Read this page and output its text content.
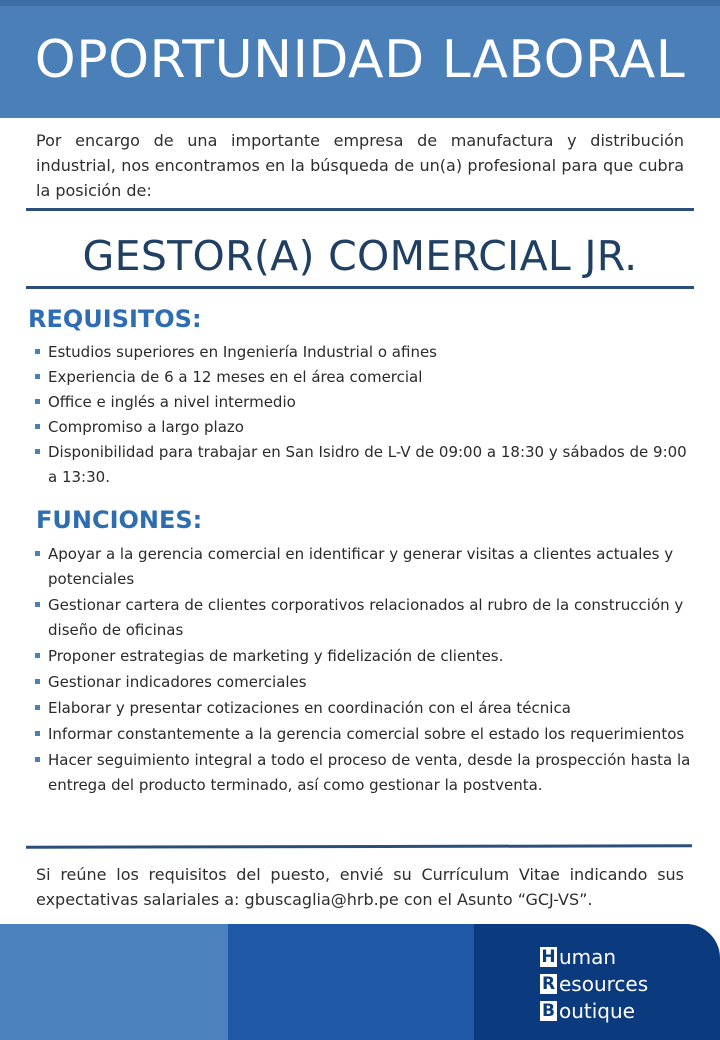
OPORTUNIDAD LABORAL
Por encargo de una importante empresa de manufactura y distribución industrial, nos encontramos en la búsqueda de un(a) profesional para que cubra la posición de:
GESTOR(A) COMERCIAL JR.
REQUISITOS:
Estudios superiores en Ingeniería Industrial o afines
Experiencia de 6 a 12 meses en el área comercial
Office e inglés a nivel intermedio
Compromiso a largo plazo
Disponibilidad para trabajar en San Isidro de L-V de 09:00 a 18:30 y sábados de 9:00 a 13:30.
FUNCIONES:
Apoyar a la gerencia comercial en identificar y generar visitas a clientes actuales y potenciales
Gestionar cartera de clientes corporativos relacionados al rubro de la construcción y diseño de oficinas
Proponer estrategias de marketing y fidelización de clientes.
Gestionar indicadores comerciales
Elaborar y presentar cotizaciones en coordinación con el área técnica
Informar constantemente a la gerencia comercial sobre el estado los requerimientos
Hacer seguimiento integral a todo el proceso de venta, desde la prospección hasta la entrega del producto terminado, así como gestionar la postventa.
Si reúne los requisitos del puesto, envié su Currículum Vitae indicando sus expectativas salariales a: gbuscaglia@hrb.pe con el Asunto “GCJ-VS”.
H uman
R esources
B outique
